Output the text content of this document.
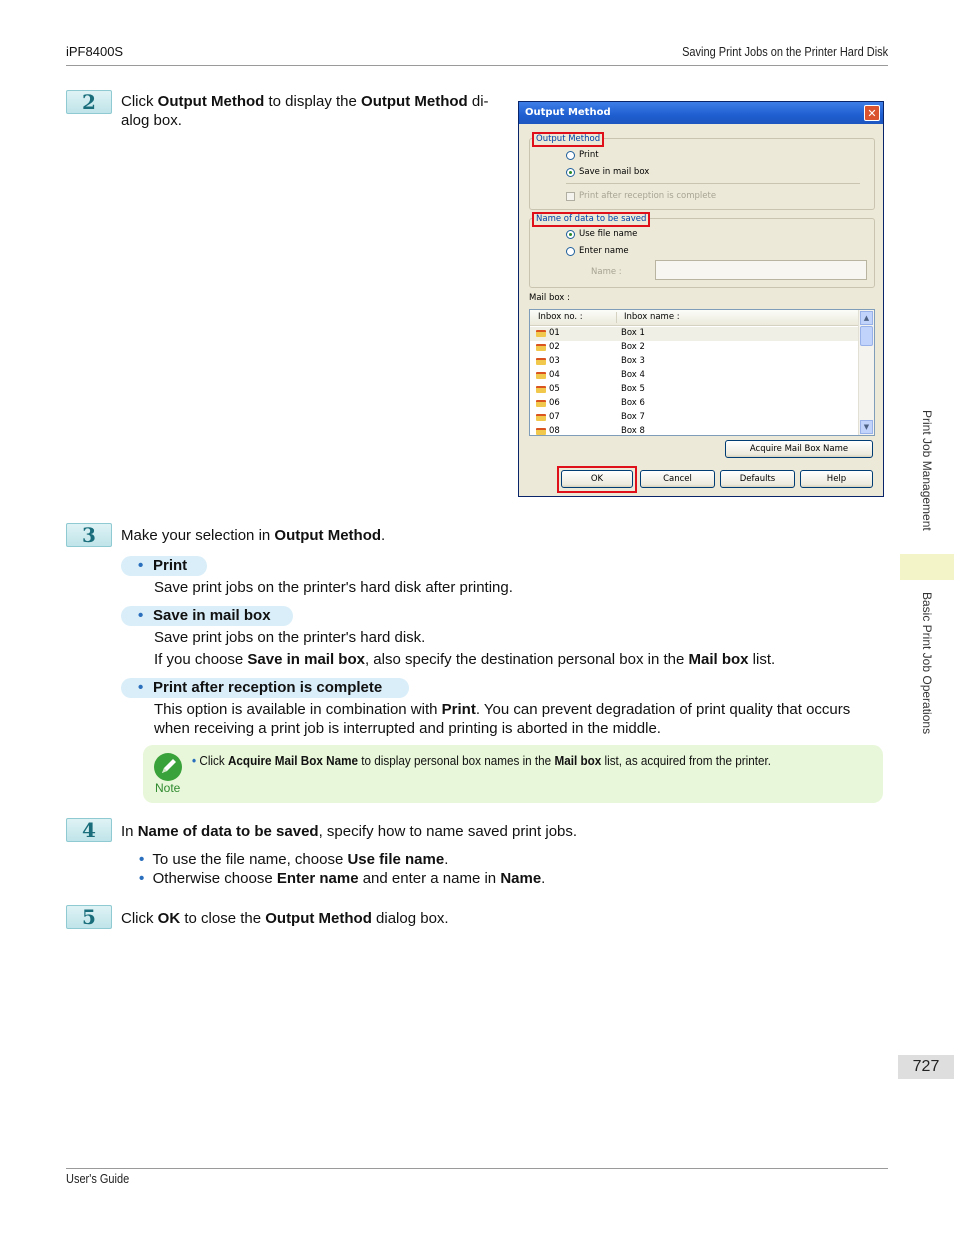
iPF8400S	Saving Print Jobs on the Printer Hard Disk
2	Click Output Method to display the Output Method di-
alog box.	Output Method	✕
Output Method
Print
Save in mail box
Print after reception is complete
Name of data to be saved
Use file name
Enter name
Name :
Mail box :
Inbox no. :	Inbox name :
01	Box 1
02	Box 2
03	Box 3
04	Box 4
05	Box 5
06	Box 6
07	Box 7
08	Box 8
▲
▼
Acquire Mail Box Name
OK	Cancel	Defaults	Help
3	Make your selection in Output Method.
• Print
Save print jobs on the printer's hard disk after printing.
• Save in mail box
Save print jobs on the printer's hard disk.
If you choose Save in mail box, also specify the destination personal box in the Mail box list.
• Print after reception is complete
This option is available in combination with Print. You can prevent degradation of print quality that occurs
when receiving a print job is interrupted and printing is aborted in the middle.
Note
• Click Acquire Mail Box Name to display personal box names in the Mail box list, as acquired from the printer.
4	In Name of data to be saved, specify how to name saved print jobs.
• To use the file name, choose Use file name.
• Otherwise choose Enter name and enter a name in Name.
5	Click OK to close the Output Method dialog box.
Print Job Management
Basic Print Job Operations
727
User's Guide
